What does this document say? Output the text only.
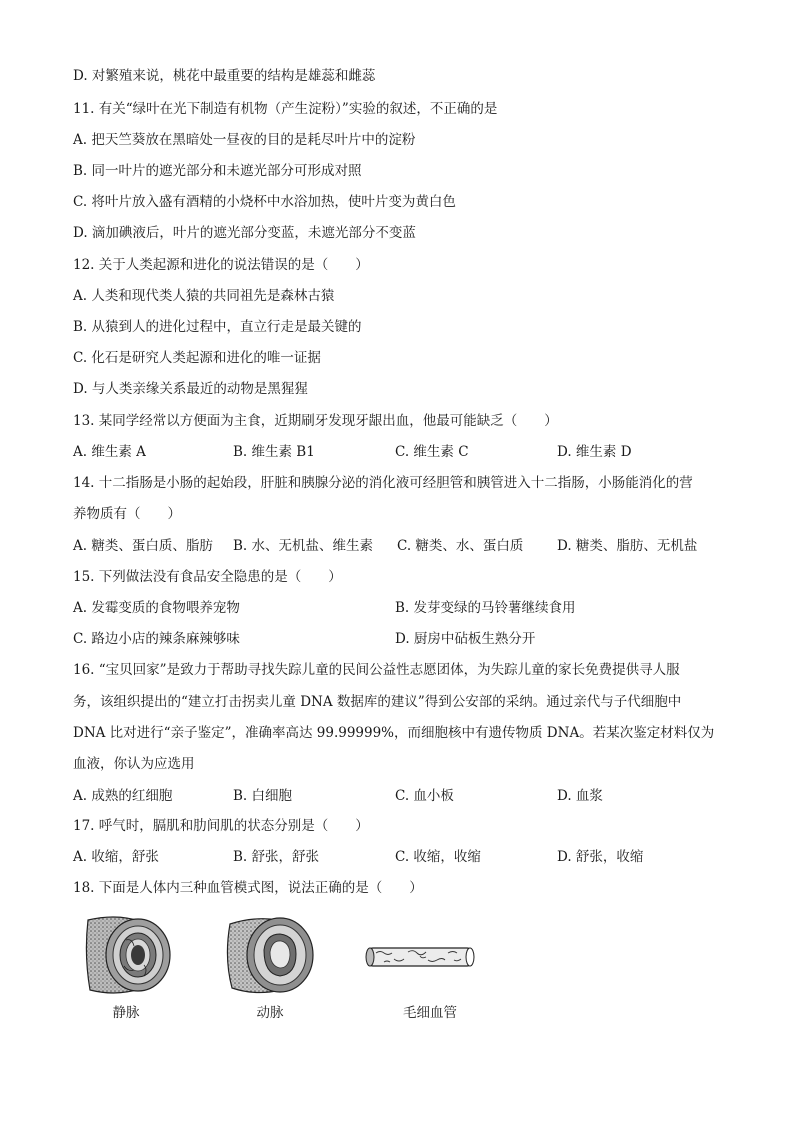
D. 对繁殖来说，桃花中最重要的结构是雄蕊和雌蕊
11. 有关“绿叶在光下制造有机物（产生淀粉）”实验的叙述，不正确的是
A. 把天竺葵放在黑暗处一昼夜的目的是耗尽叶片中的淀粉
B. 同一叶片的遮光部分和未遮光部分可形成对照
C. 将叶片放入盛有酒精的小烧杯中水浴加热，使叶片变为黄白色
D. 滴加碘液后，叶片的遮光部分变蓝，未遮光部分不变蓝
12. 关于人类起源和进化的说法错误的是（　　）
A. 人类和现代类人猿的共同祖先是森林古猿
B. 从猿到人的进化过程中，直立行走是最关键的
C. 化石是研究人类起源和进化的唯一证据
D. 与人类亲缘关系最近的动物是黑猩猩
13. 某同学经常以方便面为主食，近期刷牙发现牙龈出血，他最可能缺乏（　　）
A. 维生素 A	B. 维生素 B1	C. 维生素 C	D. 维生素 D
14. 十二指肠是小肠的起始段，肝脏和胰腺分泌的消化液可经胆管和胰管进入十二指肠，小肠能消化的营
养物质有（　　）
A. 糖类、蛋白质、脂肪 B. 水、无机盐、维生素 C. 糖类、水、蛋白质 D. 糖类、脂肪、无机盐
15. 下列做法没有食品安全隐患的是（　　）
A. 发霉变质的食物喂养宠物	B. 发芽变绿的马铃薯继续食用
C. 路边小店的辣条麻辣够味	D. 厨房中砧板生熟分开
16. “宝贝回家”是致力于帮助寻找失踪儿童的民间公益性志愿团体，为失踪儿童的家长免费提供寻人服
务，该组织提出的“建立打击拐卖儿童 DNA 数据库的建议”得到公安部的采纳。通过亲代与子代细胞中
DNA 比对进行“亲子鉴定”，准确率高达 99.99999%，而细胞核中有遗传物质 DNA。若某次鉴定材料仅为
血液，你认为应选用
A. 成熟的红细胞	B. 白细胞	C. 血小板	D. 血浆
17. 呼气时，膈肌和肋间肌的状态分别是（　　）
A. 收缩，舒张	B. 舒张，舒张	C. 收缩，收缩	D. 舒张，收缩
18. 下面是人体内三种血管模式图，说法正确的是（　　）
静脉	动脉	毛细血管
